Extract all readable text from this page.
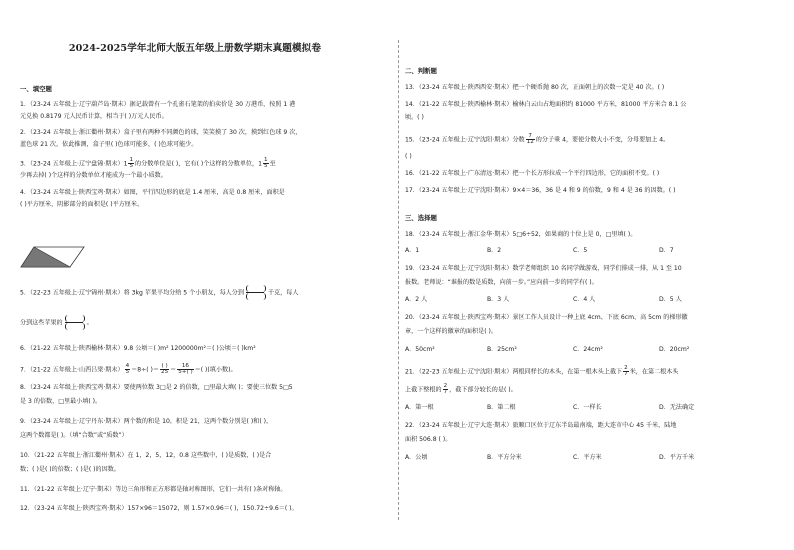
2024-2025学年北师大版五年级上册数学期末真题模拟卷
一、填空题
1．（23-24 五年级上·辽宁葫芦岛·期末）据记载曾有一个孔雀石笔架的拍卖价是 30 万港币，按照 1 港
元兑换 0.8179 元人民币计算，相当于( )万元人民币。
2．（23-24 五年级上·浙江衢州·期末）盒子里有两种不同颜色的球，笑笑摸了 30 次，摸到红色球 9 次，
蓝色球 21 次，依此推测，盒子里( )色球可能多，( )色球可能少。
3．（23-24 五年级上·辽宁盘锦·期末）$1 \frac{1}{5}$ 的分数单位是( )，它有( )个这样的分数单位，$1 \frac{1}{5}$ 至
少再去掉( )个这样的分数单位才能成为一个最小质数。
4．（23-24 五年级上·陕西宝鸡·期末）如图，平行四边形的底是 1.4 厘米，高是 0.8 厘米，面积是
( )平方厘米，阴影部分的面积是( )平方厘米。
5．（22-23 五年级上·辽宁锦州·期末）将 3kg 苹果平均分给 5 个小朋友，每人分到	千克，每人
分到这些苹果的	。
6．（21-22 五年级上·陕西榆林·期末）9.8 公顷＝( )m² 1200000m²＝( )公顷＝( )km²
7．（21-22 五年级上·山西吕梁·期末） $\frac{4}{5} =8\div$( )＝ $\frac{( )}{25} = \frac{16}{5+( )}$ ＝( )(填小数)。
8．（23-24 五年级上·陕西宝鸡·期末）要使两位数 3□是 2 的倍数，□里最大填( )；要使三位数 5□5
是 3 的倍数，□里最小填( )。
9．（23-24 五年级上·辽宁丹东·期末）两个数的和是 10，积是 21，这两个数分别是( )和( )，
这两个数都是( )。（填“合数”或“质数”）
10．（21-22 五年级上·浙江衢州·期末）在 1，2，5，12，0.8 这些数中，( )是质数，( )是合
数；( )是( )的倍数；( )是( )的因数。
11．（21-22 五年级上·辽宁·期末）等边三角形和正方形都是轴对称图形，它们一共有( )条对称轴。
12．（23-24 五年级上·陕西宝鸡·期末）157×96＝15072，则 1.57×0.96＝( )，150.72÷9.6＝( )。
二、判断题
13．（23-24 五年级上·陕西西安·期末）把一个硬币抛 80 次，正面朝上的次数一定是 40 次。( )
14．（21-22 五年级上·陕西榆林·期末）榆林白云山占地面积约 81000 平方米，81000 平方米合 8.1 公
顷。( )
15．（23-24 五年级上·辽宁沈阳·期末）分数 $\frac{7}{12}$ 的分子乘 4，要使分数大小不变，分母要加上 4。
( )
16．（21-22 五年级上·广东清远·期末）把一个长方形拉成一个平行四边形，它的面积不变。( )
17．（23-24 五年级上·辽宁沈阳·期末）9×4＝36，36 是 4 和 9 的倍数，9 和 4 是 36 的因数。( )
三、选择题
18．（23-24 五年级上·浙江金华·期末）5□6÷52，如果商的十位上是 0，□里填( )。
A．1	B．2	C．5	D．7
19．（23-24 五年级上·辽宁沈阳·期末）数学老师组织 10 名同学做游戏，同学们排成一排，从 1 至 10
报数。老师说：“谁报的数是质数，向前一步。”应向前一步的同学有( )。
A．2 人	B．3 人	C．4 人	D．5 人
20．（23-24 五年级上·陕西宝鸡·期末）景区工作人员设计一种上底 4cm、下底 6cm、高 5cm 的梯形徽
章，一个这样的徽章的面积是( )。
A．50cm²	B．25cm²	C．24cm²	D．20cm²
21．（22-23 五年级上·辽宁沈阳·期末）两根同样长的木头，在第一根木头上截下 $\frac{2}{7}$ 米，在第二根木头
上截下整根的 $\frac{2}{7}$ ，截下部分较长的是( )。
A．第一根	B．第二根	C．一样长	D．无法确定
22．（23-24 五年级上·辽宁大连·期末）旅顺口区位于辽东半岛最南端，距大连市中心 45 千米，陆地
面积 506.8 ( )。
A．公顷	B．平方分米	C．平方米	D．平方千米
